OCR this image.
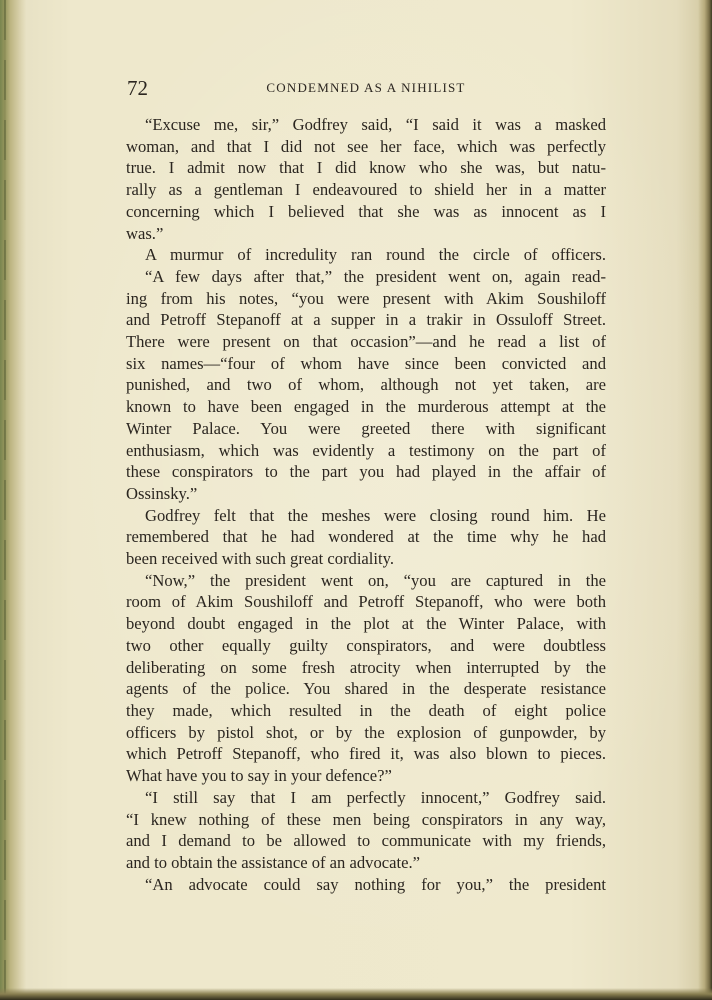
72	CONDEMNED AS A NIHILIST
“Excuse me, sir,” Godfrey said, “I said it was a masked
woman, and that I did not see her face, which was perfectly
true. I admit now that I did know who she was, but natu-
rally as a gentleman I endeavoured to shield her in a matter
concerning which I believed that she was as innocent as I
was.”
A murmur of incredulity ran round the circle of officers.
“A few days after that,” the president went on, again read-
ing from his notes, “you were present with Akim Soushiloff
and Petroff Stepanoff at a supper in a trakir in Ossuloff Street.
There were present on that occasion”—and he read a list of
six names—“four of whom have since been convicted and
punished, and two of whom, although not yet taken, are
known to have been engaged in the murderous attempt at the
Winter Palace. You were greeted there with significant
enthusiasm, which was evidently a testimony on the part of
these conspirators to the part you had played in the affair of
Ossinsky.”
Godfrey felt that the meshes were closing round him. He
remembered that he had wondered at the time why he had
been received with such great cordiality.
“Now,” the president went on, “you are captured in the
room of Akim Soushiloff and Petroff Stepanoff, who were both
beyond doubt engaged in the plot at the Winter Palace, with
two other equally guilty conspirators, and were doubtless
deliberating on some fresh atrocity when interrupted by the
agents of the police. You shared in the desperate resistance
they made, which resulted in the death of eight police
officers by pistol shot, or by the explosion of gunpowder, by
which Petroff Stepanoff, who fired it, was also blown to pieces.
What have you to say in your defence?”
“I still say that I am perfectly innocent,” Godfrey said.
“I knew nothing of these men being conspirators in any way,
and I demand to be allowed to communicate with my friends,
and to obtain the assistance of an advocate.”
“An advocate could say nothing for you,” the president
